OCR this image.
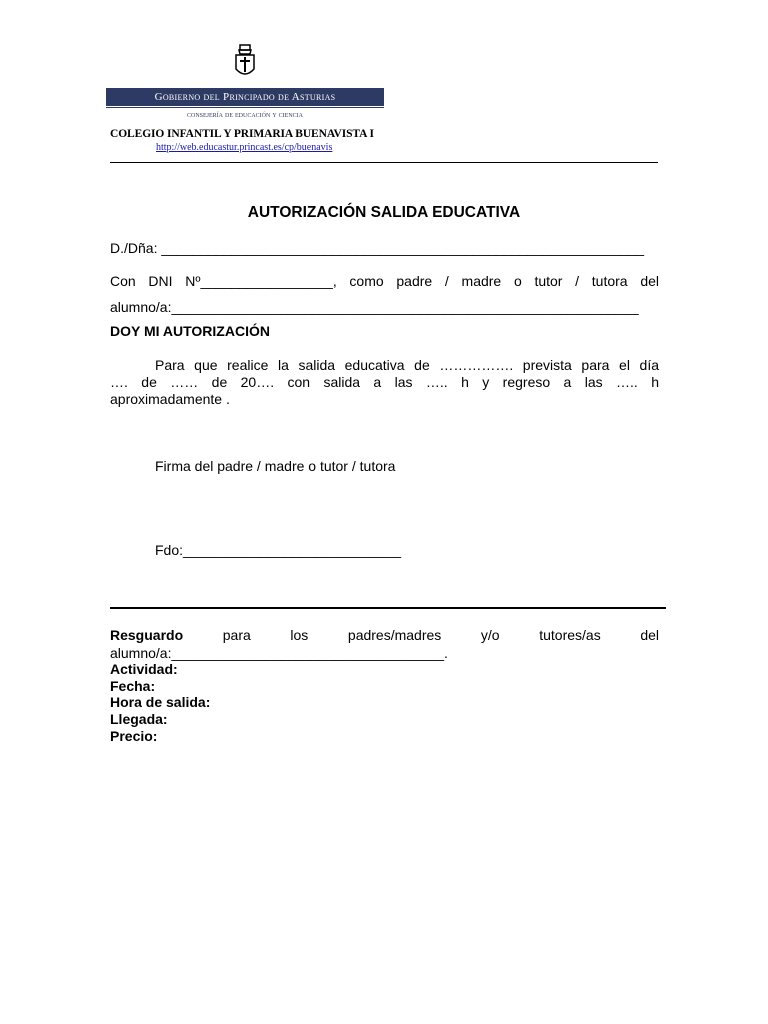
Gobierno del Principado de Asturias
consejería de educación y ciencia
COLEGIO INFANTIL Y PRIMARIA BUENAVISTA I
http://web.educastur.princast.es/cp/buenavis
AUTORIZACIÓN SALIDA EDUCATIVA
D./Dña: ______________________________________________________________
Con DNI Nº_________________, como padre / madre o tutor / tutora del
alumno/a:____________________________________________________________
DOY MI AUTORIZACIÓN
Para que realice la salida educativa de ……………. prevista para el día
…. de …… de 20…. con salida a las ….. h y regreso a las ….. h
aproximadamente .
Firma del padre / madre o tutor / tutora
Fdo:____________________________
Resguardo	para los padres/madres y/o tutores/as del
alumno/a:___________________________________.
Actividad:
Fecha:
Hora de salida:
Llegada:
Precio:
